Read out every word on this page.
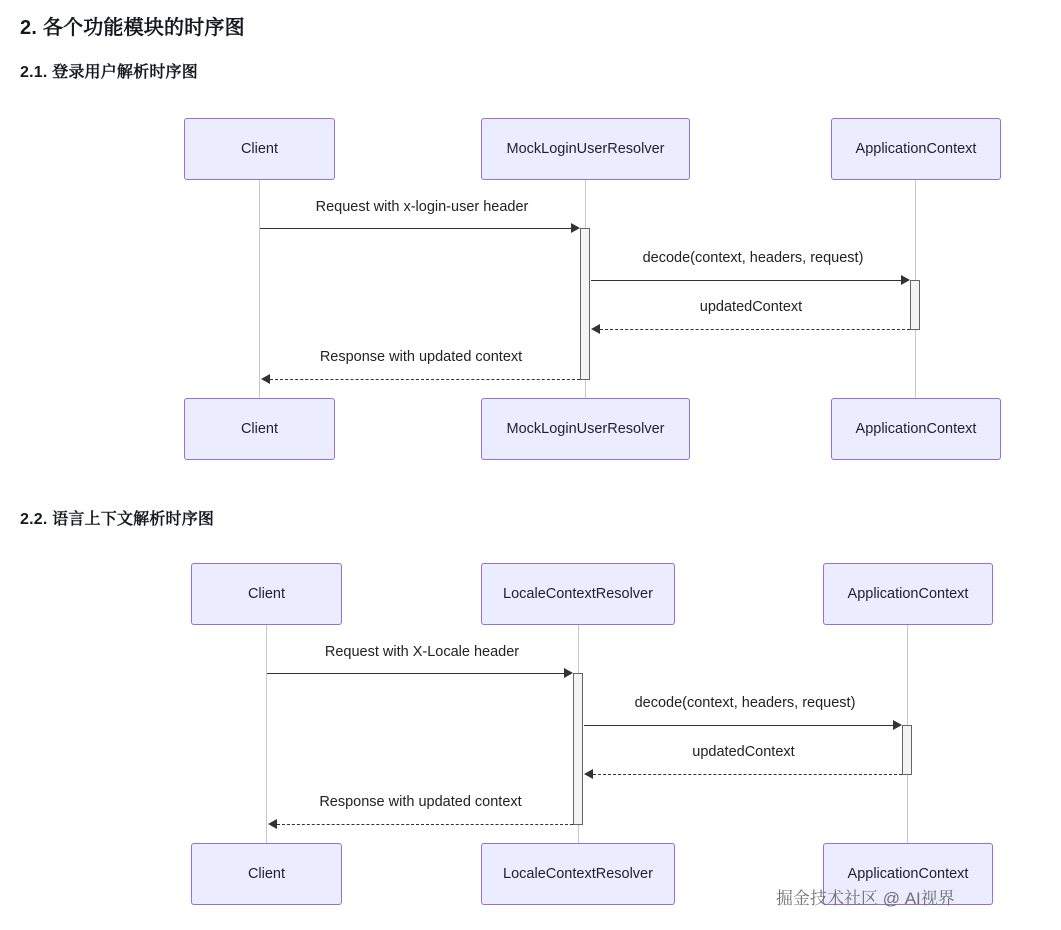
2. 各个功能模块的时序图
2.1. 登录用户解析时序图
2.2. 语言上下文解析时序图
Client	MockLoginUserResolver	ApplicationContext
Request with x-login-user header
decode(context, headers, request)
updatedContext
Response with updated context
Client	MockLoginUserResolver	ApplicationContext
Client	LocaleContextResolver	ApplicationContext
Request with X-Locale header
decode(context, headers, request)
updatedContext
Response with updated context
Client	LocaleContextResolver	ApplicationContext
掘金技术社区 @ AI视界
